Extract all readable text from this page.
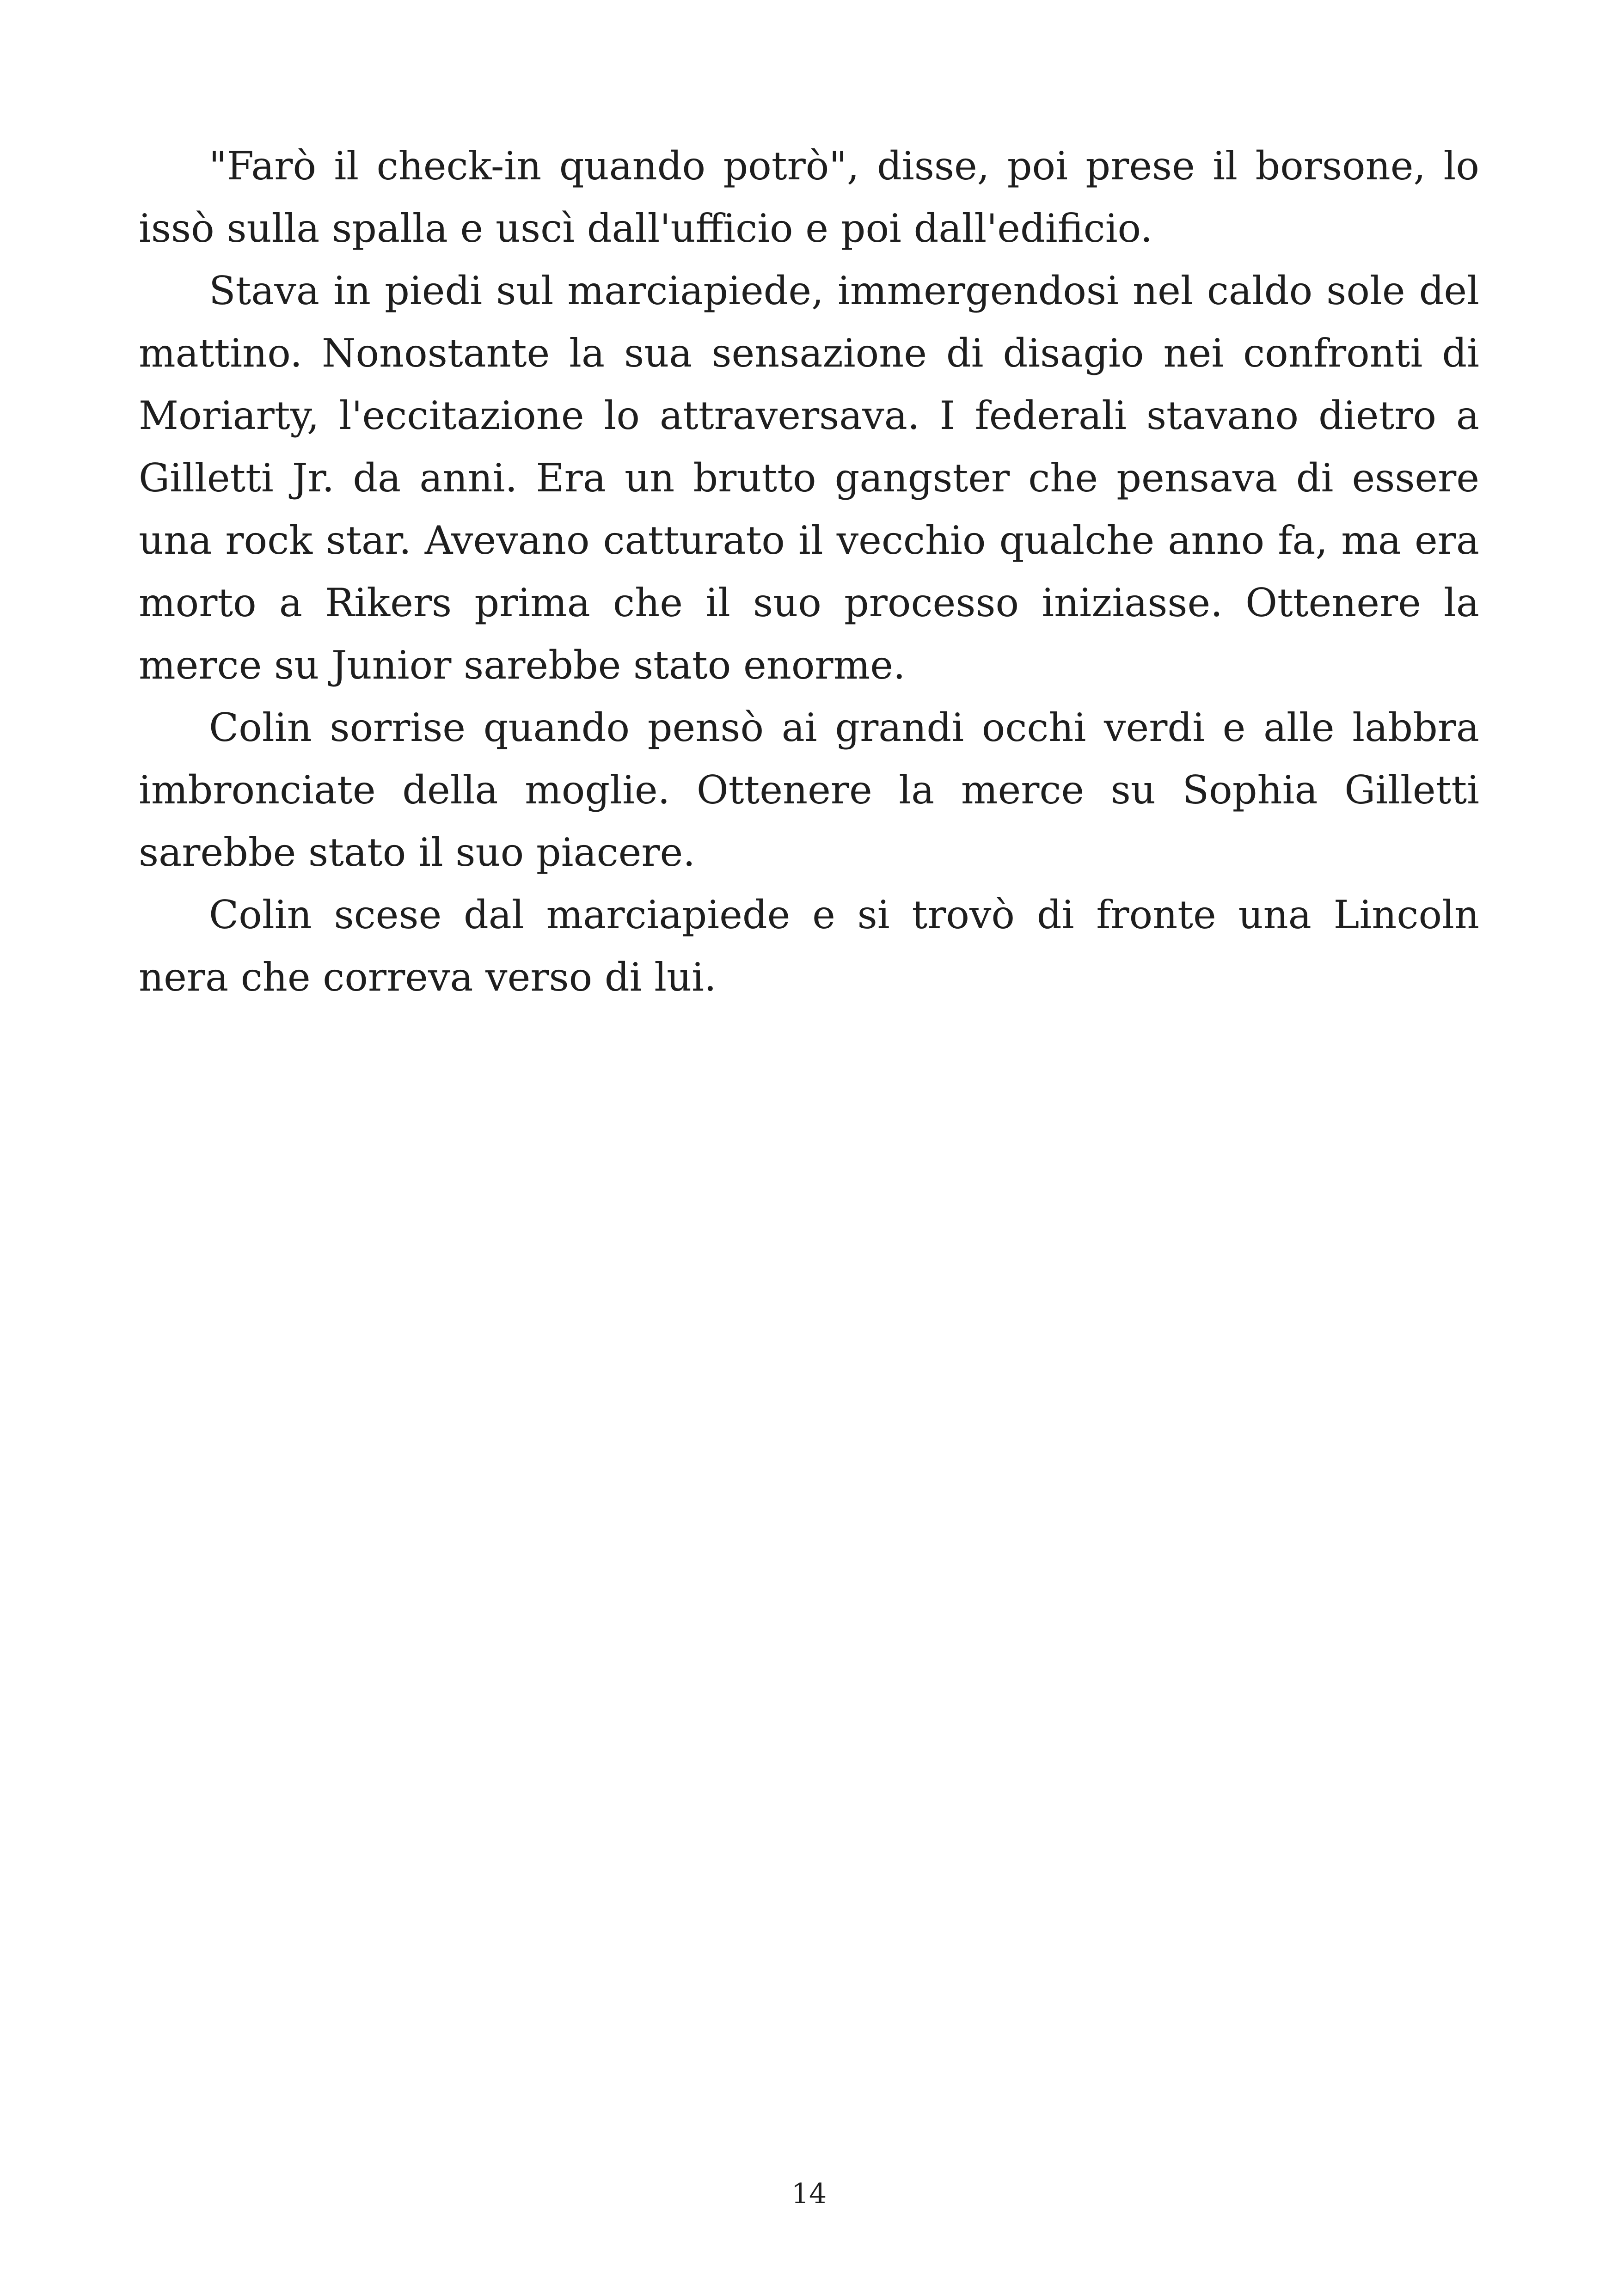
"Farò il check-in quando potrò", disse, poi prese il borsone, lo issò sulla spalla e uscì dall'ufficio e poi dall'edificio.

Stava in piedi sul marciapiede, immergendosi nel caldo sole del mattino. Nonostante la sua sensazione di disagio nei confronti di Moriarty, l'eccitazione lo attraversava. I federali stavano dietro a Gilletti Jr. da anni. Era un brutto gangster che pensava di essere una rock star. Avevano catturato il vecchio qualche anno fa, ma era morto a Rikers prima che il suo processo iniziasse. Ottenere la merce su Junior sarebbe stato enorme.

Colin sorrise quando pensò ai grandi occhi verdi e alle labbra imbronciate della moglie. Ottenere la merce su Sophia Gilletti sarebbe stato il suo piacere.

Colin scese dal marciapiede e si trovò di fronte una Lincoln nera che correva verso di lui.

14
